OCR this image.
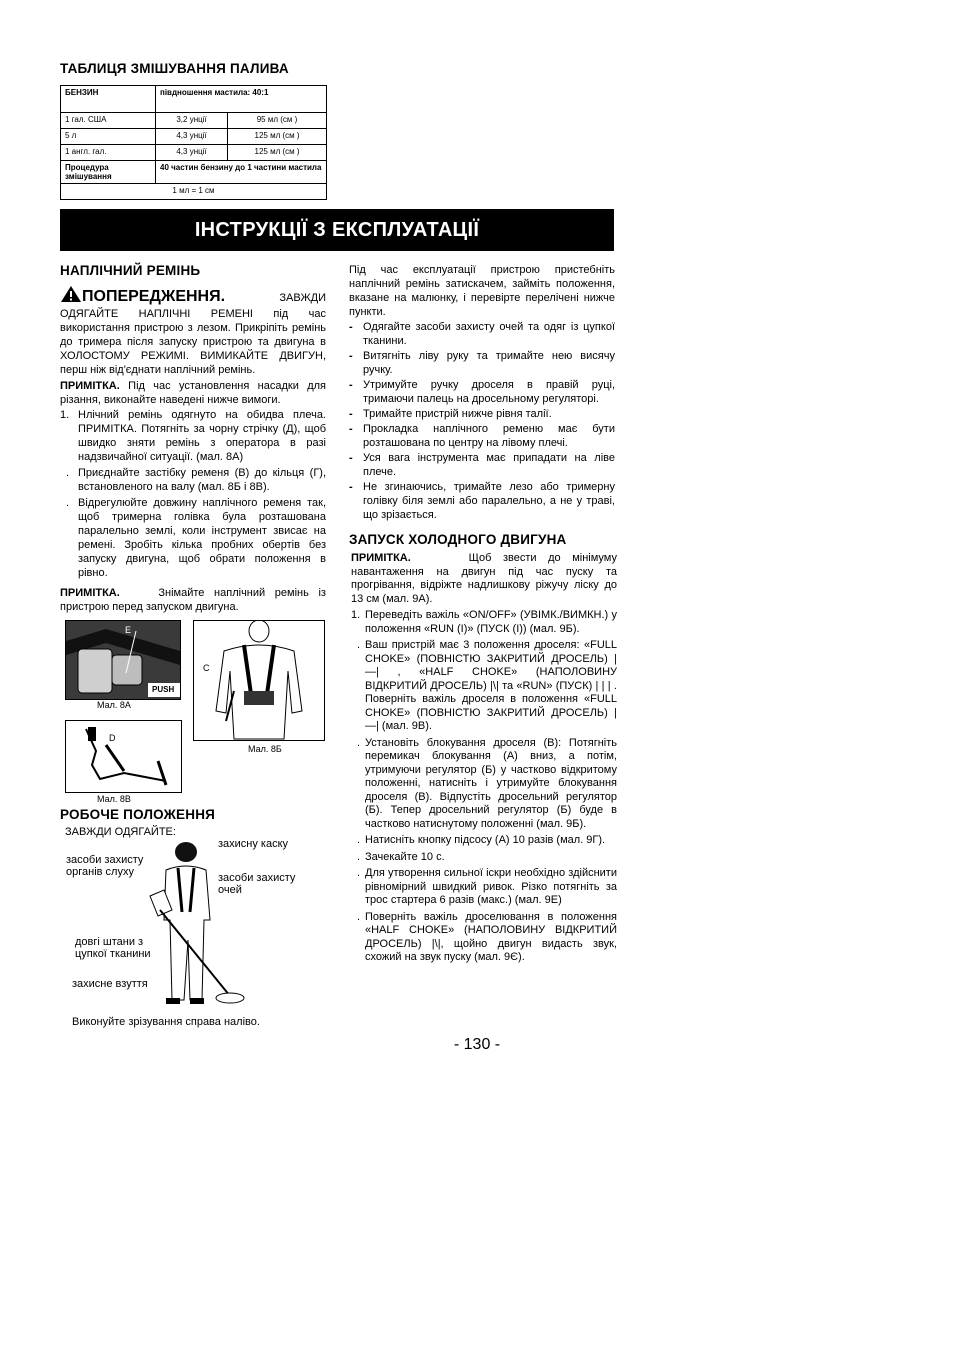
ТАБЛИЦЯ ЗМІШУВАННЯ ПАЛИВА
БЕНЗИН	півдношення мастила: 40:1	
1 гал. США	3,2 унції	95 мл (см )
5 л	4,3 унції	125 мл (см )
1 англ. гал.	4,3 унції	125 мл (см )
Процедура змішування	40 частин бензину до 1 частини мастила	
1 мл = 1 см		
ІНСТРУКЦІЇ З ЕКСПЛУАТАЦІЇ
НАПЛІЧНИЙ РЕМІНЬ
ПОПЕРЕДЖЕННЯ.	ЗАВЖДИ ОДЯГАЙТЕ НАПЛІЧНІ РЕМЕНІ під час використання пристрою з лезом. Прикріпіть ремінь до тримера після запуску пристрою та двигуна в ХОЛОСТОМУ РЕЖИМІ. ВИМИКАЙТЕ ДВИГУН, перш ніж від'єднати наплічний ремінь.
ПРИМІТКА. Під час установлення насадки для різання, виконайте наведені нижче вимоги.
1. Нлічний ремінь одягнуто на обидва плеча. ПРИМІТКА. Потягніть за чорну стрічку (Д), щоб швидко зняти ремінь з оператора в разі надзвичайної ситуації. (мал. 8А)
. Приєднайте застібку ременя (В) до кільця (Г), встановленого на валу (мал. 8Б і 8В).
. Відрегулюйте довжину наплічного ременя так, щоб тримерна голівка була розташована паралельно землі, коли інструмент звисає на ремені. Зробіть кілька пробних обертів без запуску двигуна, щоб обрати положення в рівно.
ПРИМІТКА.	Знімайте наплічний ремінь із пристрою перед запуском двигуна.
E
PUSH
Мал. 8А
C
Мал. 8Б
D
Мал. 8В
РОБОЧЕ ПОЛОЖЕННЯ
ЗАВЖДИ ОДЯГАЙТЕ:
захисну каску
засоби захисту органів слуху	засоби захисту очей
довгі штани з цупкої тканини
захисне взуття
Виконуйте зрізування справа наліво.
Під час експлуатації пристрою пристебніть наплічний ремінь затискачем, займіть положення, вказане на малюнку, і перевірте перелічені нижче пункти.
- Одягайте засоби захисту очей та одяг із цупкої тканини.
- Витягніть ліву руку та тримайте нею висячу ручку.
- Утримуйте ручку дроселя в правій руці, тримаючи палець на дросельному регуляторі.
- Тримайте пристрій нижче рівня талії.
- Прокладка наплічного ременю має бути розташована по центру на лівому плечі.
- Уся вага інструмента має припадати на ліве плече.
- Не згинаючись, тримайте лезо або тримерну голівку біля землі або паралельно, а не у траві, що зрізається.
ЗАПУСК ХОЛОДНОГО ДВИГУНА
ПРИМІТКА.	Щоб звести до мінімуму навантаження на двигун під час пуску та прогрівання, відріжте надлишкову ріжучу ліску до 13 см (мал. 9А).
1. Переведіть важіль «ON/OFF» (УВІМК./ВИМКН.) у положення «RUN (I)» (ПУСК (I)) (мал. 9Б).
. Ваш пристрій має 3 положення дроселя: «FULL CHOKE» (ПОВНІСТЮ ЗАКРИТИЙ ДРОСЕЛЬ) |—| , «HALF CHOKE» (НАПОЛОВИНУ ВІДКРИТИЙ ДРОСЕЛЬ) |\| та «RUN» (ПУСК) | | | . Поверніть важіль дроселя в положення «FULL CHOKE» (ПОВНІСТЮ ЗАКРИТИЙ ДРОСЕЛЬ) |—| (мал. 9В).
. Установіть блокування дроселя (В): Потягніть перемикач блокування (А) вниз, а потім, утримуючи регулятор (Б) у частково відкритому положенні, натисніть і утримуйте блокування дроселя (В). Відпустіть дросельний регулятор (Б). Тепер дросельний регулятор (Б) буде в частково натиснутому положенні (мал. 9Б).
. Натисніть кнопку підсосу (А) 10 разів (мал. 9Г).
. Зачекайте 10 с.
. Для утворення сильної іскри необхідно здійснити рівномірний швидкий ривок. Різко потягніть за трос стартера 6 разів (макс.) (мал. 9Е)
. Поверніть важіль дроселювання в положення «HALF CHOKE» (НАПОЛОВИНУ ВІДКРИТИЙ ДРОСЕЛЬ) |\|, щойно двигун видасть звук, схожий на звук пуску (мал. 9Є).
- 130 -
